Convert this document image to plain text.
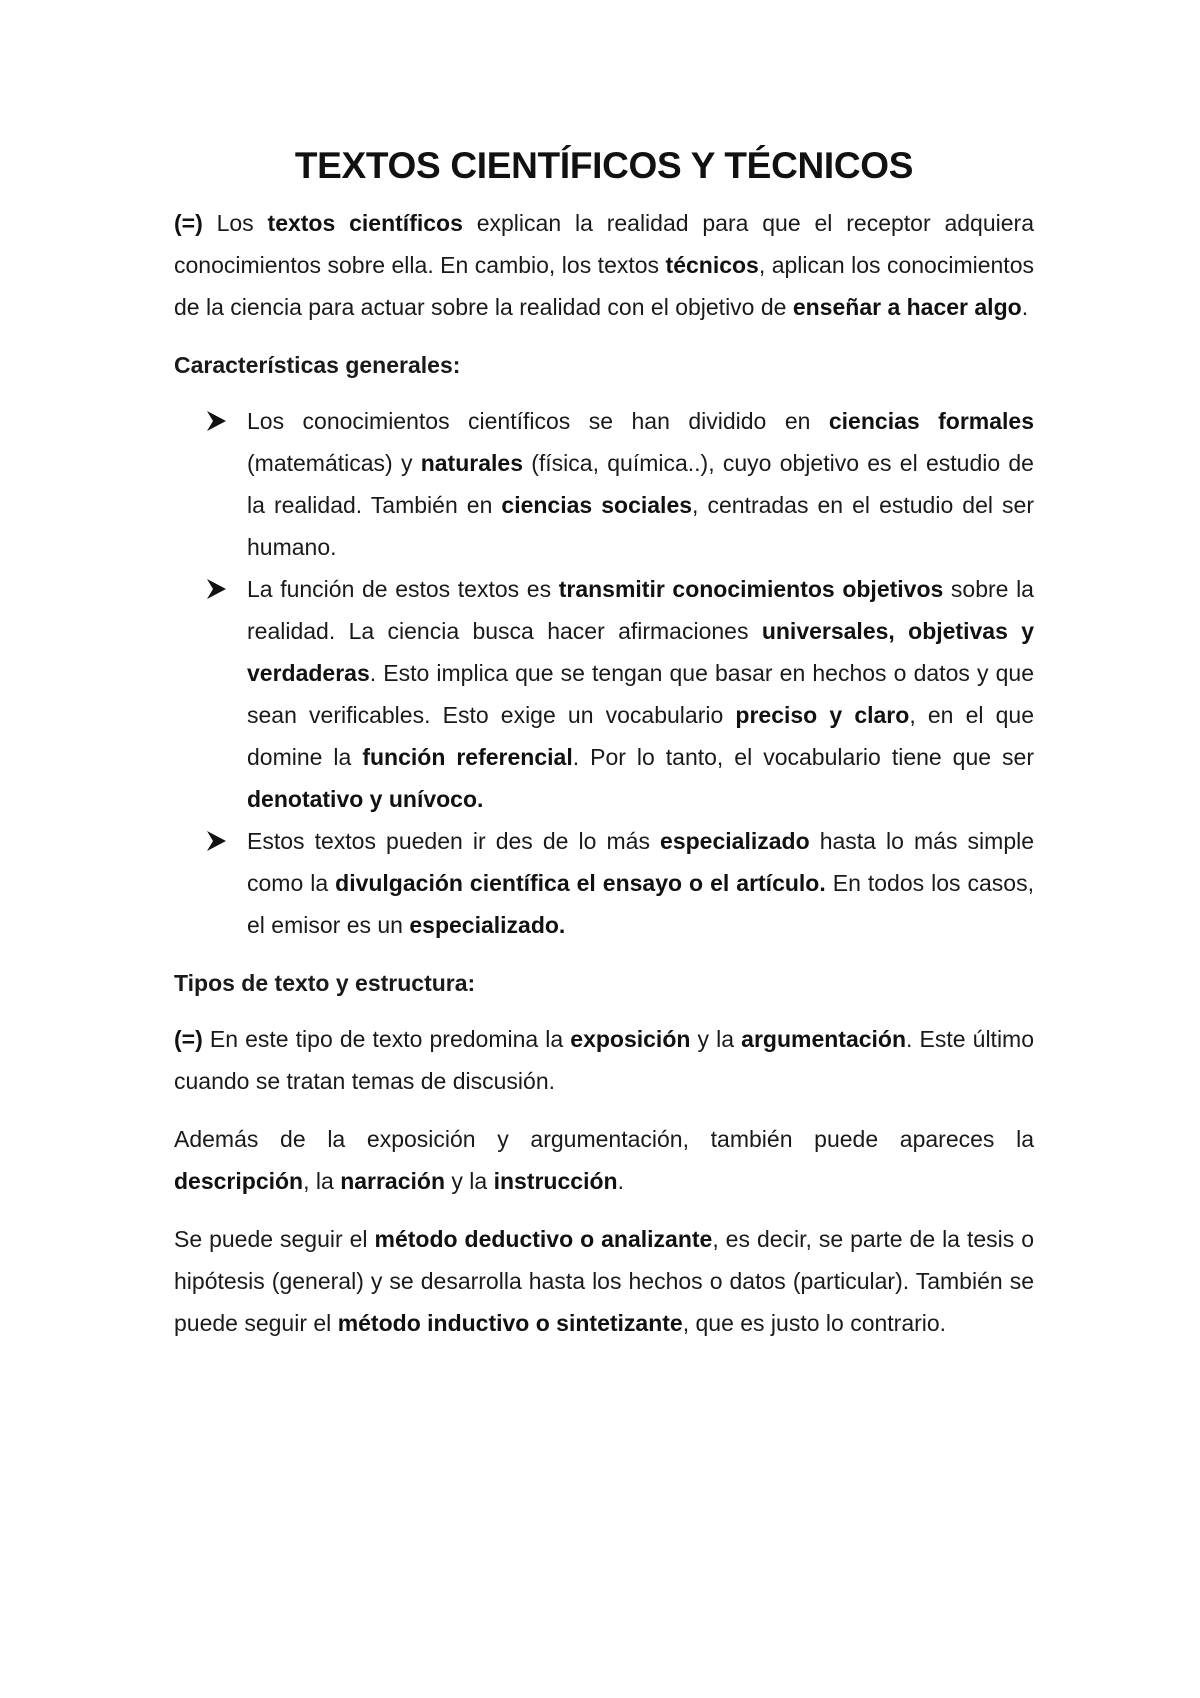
TEXTOS CIENTÍFICOS Y TÉCNICOS

(=) Los textos científicos explican la realidad para que el receptor adquiera conocimientos sobre ella. En cambio, los textos técnicos, aplican los conocimientos de la ciencia para actuar sobre la realidad con el objetivo de enseñar a hacer algo.

Características generales:

Los conocimientos científicos se han dividido en ciencias formales (matemáticas) y naturales (física, química..), cuyo objetivo es el estudio de la realidad. También en ciencias sociales, centradas en el estudio del ser humano.
La función de estos textos es transmitir conocimientos objetivos sobre la realidad. La ciencia busca hacer afirmaciones universales, objetivas y verdaderas. Esto implica que se tengan que basar en hechos o datos y que sean verificables. Esto exige un vocabulario preciso y claro, en el que domine la función referencial. Por lo tanto, el vocabulario tiene que ser denotativo y unívoco.
Estos textos pueden ir des de lo más especializado hasta lo más simple como la divulgación científica el ensayo o el artículo. En todos los casos, el emisor es un especializado.

Tipos de texto y estructura:

(=) En este tipo de texto predomina la exposición y la argumentación. Este último cuando se tratan temas de discusión.

Además de la exposición y argumentación, también puede apareces la descripción, la narración y la instrucción.

Se puede seguir el método deductivo o analizante, es decir, se parte de la tesis o hipótesis (general) y se desarrolla hasta los hechos o datos (particular). También se puede seguir el método inductivo o sintetizante, que es justo lo contrario.
